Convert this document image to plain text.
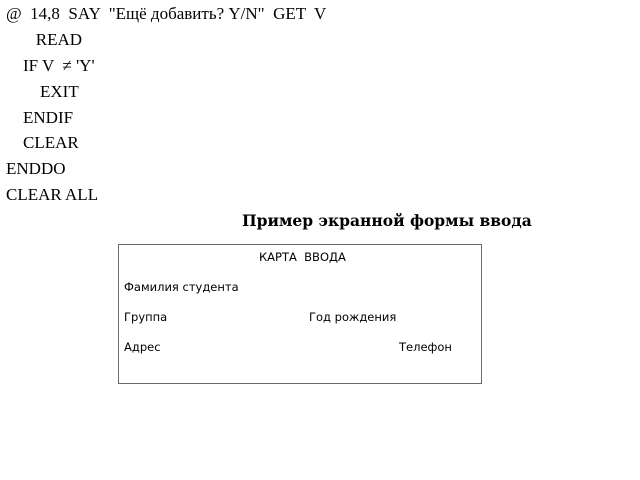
@  14,8  SAY  "Ещё добавить? Y/N"  GET  V
READ
IF V  ≠ 'Y'
EXIT
ENDIF
CLEAR
ENDDO
CLEAR ALL
Пример экранной формы ввода
КАРТА  ВВОДА
Фамилия студента
Группа	Год рождения
Адрес	Телефон
